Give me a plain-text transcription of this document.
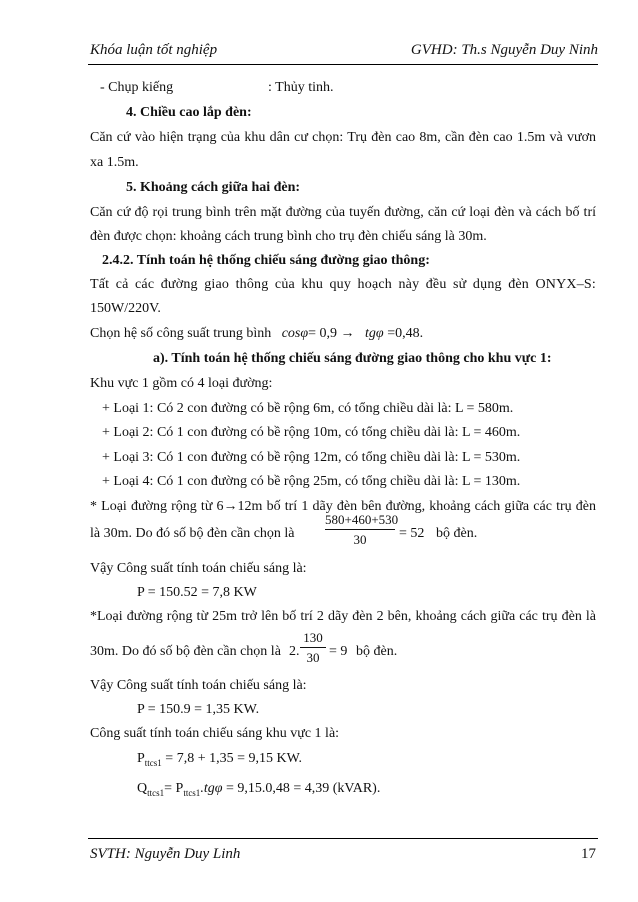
Khóa luận tốt nghiệp	GVHD: Th.s Nguyễn Duy Ninh
- Chụp kiếng	: Thủy tinh.
4. Chiều cao lắp đèn:
Căn cứ vào hiện trạng của khu dân cư chọn: Trụ đèn cao 8m, cần đèn cao 1.5m và vươn
xa 1.5m.
5. Khoảng cách giữa hai đèn:
Căn cứ độ rọi trung bình trên mặt đường của tuyến đường, căn cứ loại đèn và cách bố trí
đèn được chọn: khoảng cách trung bình cho trụ đèn chiếu sáng là 30m.
2.4.2. Tính toán hệ thống chiếu sáng đường giao thông:
Tất cả các đường giao thông của khu quy hoạch này đều sử dụng đèn ONYX–S:
150W/220V.
Chọn hệ số công suất trung bình cosφ= 0,9 → tgφ =0,48.
a). Tính toán hệ thống chiếu sáng đường giao thông cho khu vực 1:
Khu vực 1 gồm có 4 loại đường:
+ Loại 1: Có 2 con đường có bề rộng 6m, có tổng chiều dài là: L = 580m.
+ Loại 2: Có 1 con đường có bề rộng 10m, có tổng chiều dài là: L = 460m.
+ Loại 3: Có 1 con đường có bề rộng 12m, có tổng chiều dài là: L = 530m.
+ Loại 4: Có 1 con đường có bề rộng 25m, có tổng chiều dài là: L = 130m.
* Loại đường rộng từ 6→12m bố trí 1 dãy đèn bên đường, khoảng cách giữa các trụ đèn
là 30m. Do đó số bộ đèn cần chọn là
580+460+530
30	= 52 bộ đèn.
Vậy Công suất tính toán chiếu sáng là:
P = 150.52 = 7,8 KW
*Loại đường rộng từ 25m trở lên bố trí 2 dãy đèn 2 bên, khoảng cách giữa các trụ đèn là
30m. Do đó số bộ đèn cần chọn là 2.
130
30 = 9 bộ đèn.
Vậy Công suất tính toán chiếu sáng là:
P = 150.9 = 1,35 KW.
Công suất tính toán chiếu sáng khu vực 1 là:
$P_{ttcs1} = 7,8 + 1,35 = 9,15$ KW.
$Q_{ttcs1}= P_{ttcs1}.tg\varphi = 9,15.0,48 = 4,39$ (kVAR).
SVTH: Nguyễn Duy Linh	17
